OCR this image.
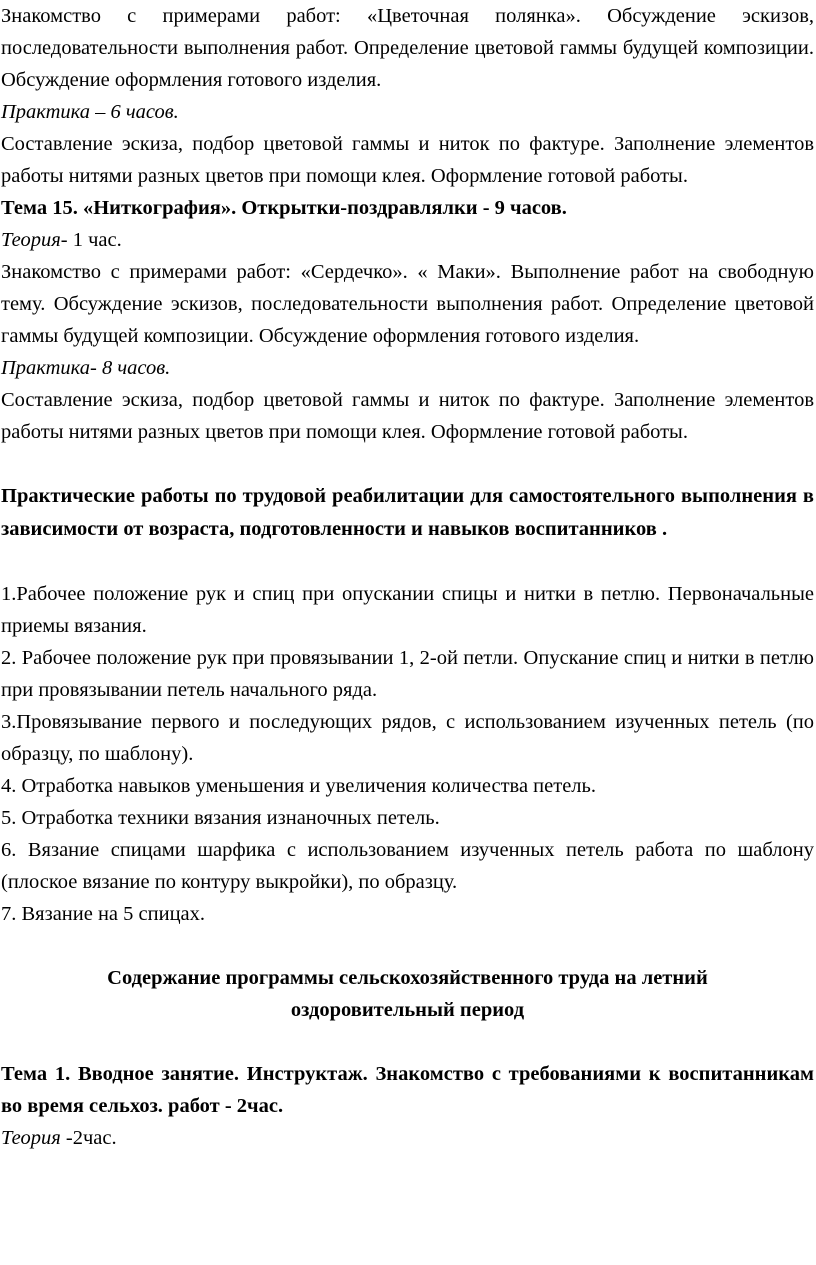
Знакомство с примерами работ: «Цветочная полянка». Обсуждение эскизов, последовательности выполнения работ. Определение цветовой гаммы будущей композиции. Обсуждение оформления готового изделия.

Практика – 6 часов.

Составление эскиза, подбор цветовой гаммы и ниток по фактуре. Заполнение элементов работы нитями разных цветов при помощи клея. Оформление готовой работы.

Тема 15. «Ниткография». Открытки-поздравлялки - 9 часов.

Теория- 1 час.

Знакомство с примерами работ: «Сердечко». « Маки». Выполнение работ на свободную тему. Обсуждение эскизов, последовательности выполнения работ. Определение цветовой гаммы будущей композиции. Обсуждение оформления готового изделия.

Практика- 8 часов.

Составление эскиза, подбор цветовой гаммы и ниток по фактуре. Заполнение элементов работы нитями разных цветов при помощи клея. Оформление готовой работы.

Практические работы по трудовой реабилитации для самостоятельного выполнения в зависимости от возраста, подготовленности и навыков воспитанников .

1.Рабочее положение рук и спиц при опускании спицы и нитки в петлю. Первоначальные приемы вязания.

2. Рабочее положение рук при провязывании 1, 2-ой петли. Опускание спиц и нитки в петлю при провязывании петель начального ряда.

3.Провязывание первого и последующих рядов, с использованием изученных петель (по образцу, по шаблону).

4. Отработка навыков уменьшения и увеличения количества петель.

5. Отработка техники вязания изнаночных петель.

6. Вязание спицами шарфика с использованием изученных петель работа по шаблону (плоское вязание по контуру выкройки), по образцу.

7. Вязание на 5 спицах.

Содержание программы сельскохозяйственного труда на летний
оздоровительный период

Тема 1. Вводное занятие. Инструктаж. Знакомство с требованиями к воспитанникам во время сельхоз. работ - 2час.

Теория -2час.
